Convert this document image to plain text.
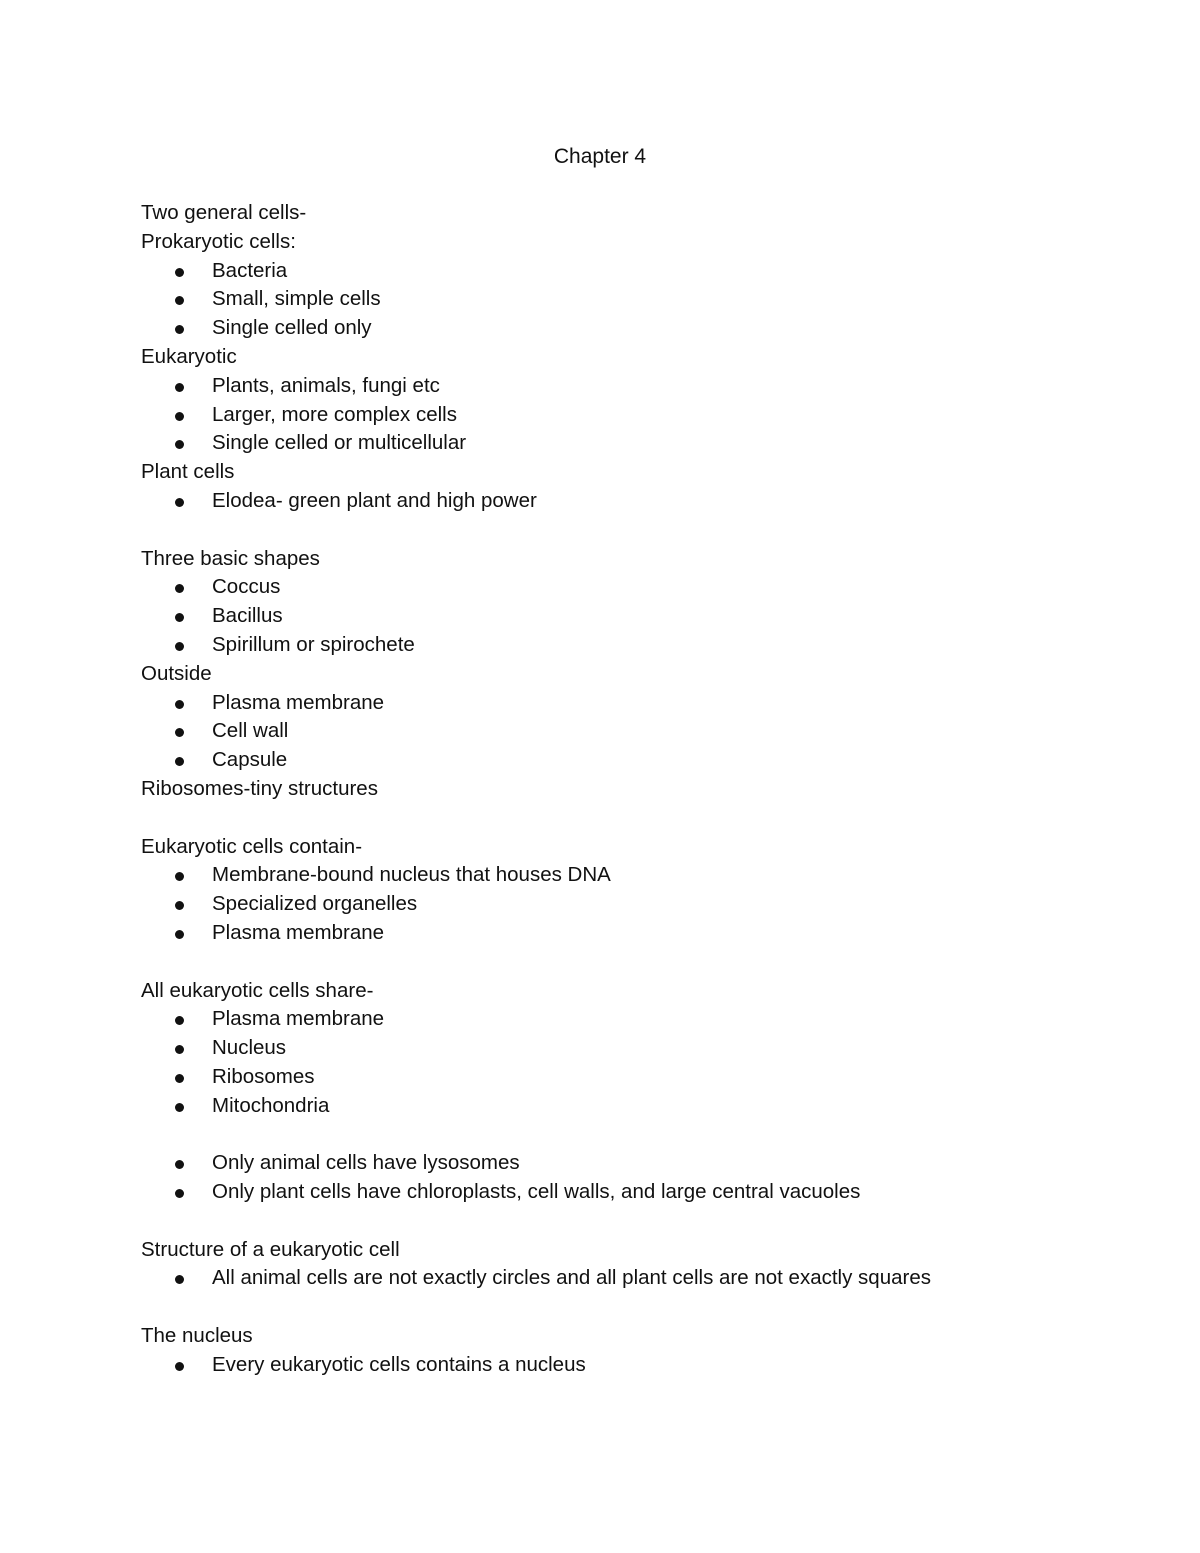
Chapter 4
Two general cells-
Prokaryotic cells:
Bacteria
Small, simple cells
Single celled only
Eukaryotic
Plants, animals, fungi etc
Larger, more complex cells
Single celled or multicellular
Plant cells
Elodea- green plant and high power
Three basic shapes
Coccus
Bacillus
Spirillum or spirochete
Outside
Plasma membrane
Cell wall
Capsule
Ribosomes-tiny structures
Eukaryotic cells contain-
Membrane-bound nucleus that houses DNA
Specialized organelles
Plasma membrane
All eukaryotic cells share-
Plasma membrane
Nucleus
Ribosomes
Mitochondria
Only animal cells have lysosomes
Only plant cells have chloroplasts, cell walls, and large central vacuoles
Structure of a eukaryotic cell
All animal cells are not exactly circles and all plant cells are not exactly squares
The nucleus
Every eukaryotic cells contains a nucleus
